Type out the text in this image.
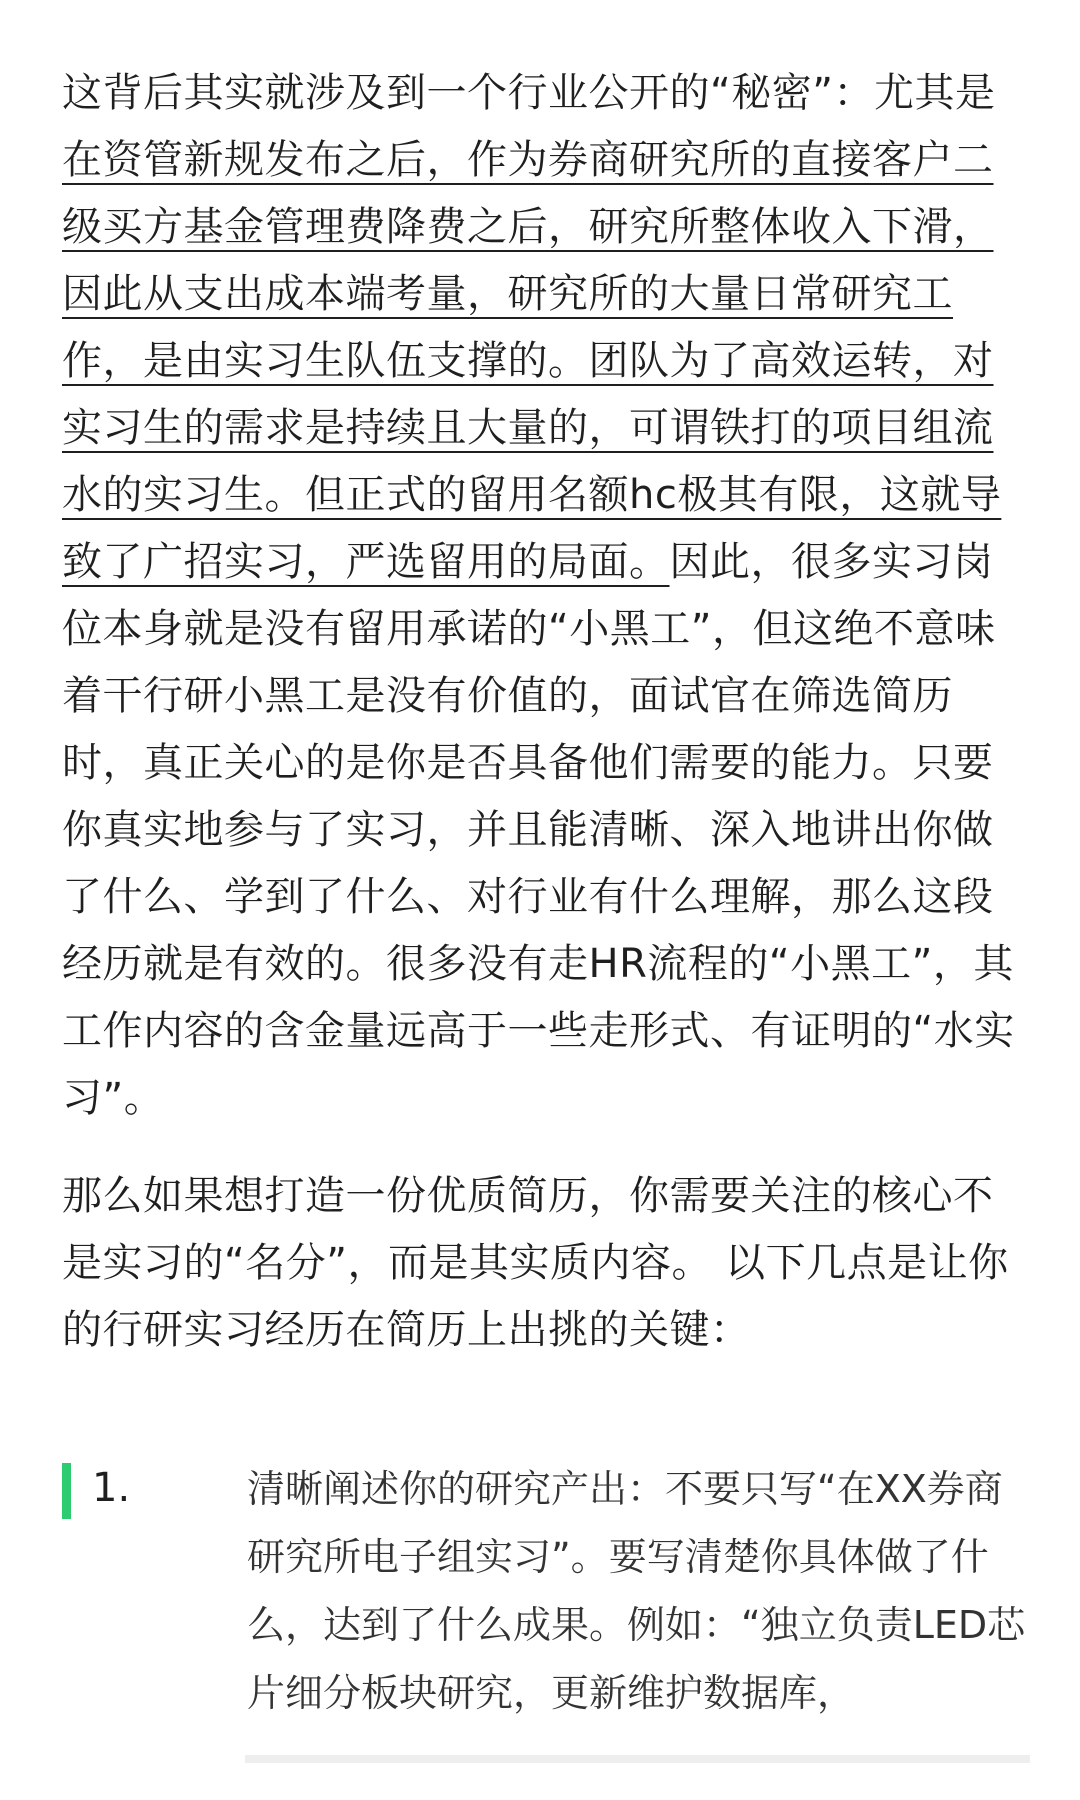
这背后其实就涉及到一个行业公开的“秘密”：尤其是在资管新规发布之后，作为券商研究所的直接客户二级买方基金管理费降费之后，研究所整体收入下滑，因此从支出成本端考量，研究所的大量日常研究工作，是由实习生队伍支撑的。团队为了高效运转，对实习生的需求是持续且大量的，可谓铁打的项目组流水的实习生。但正式的留用名额hc极其有限，这就导致了广招实习，严选留用的局面。因此，很多实习岗位本身就是没有留用承诺的“小黑工”，但这绝不意味着干行研小黑工是没有价值的，面试官在筛选简历时，真正关心的是你是否具备他们需要的能力。只要你真实地参与了实习，并且能清晰、深入地讲出你做了什么、学到了什么、对行业有什么理解，那么这段经历就是有效的。很多没有走HR流程的“小黑工”，其工作内容的含金量远高于一些走形式、有证明的“水实习”。

那么如果想打造一份优质简历，你需要关注的核心不是实习的“名分”，而是其实质内容。 以下几点是让你的行研实习经历在简历上出挑的关键：

1.	清晰阐述你的研究产出：不要只写“在XX券商研究所电子组实习”。要写清楚你具体做了什么，达到了什么成果。例如：“独立负责LED芯片细分板块研究，更新维护数据库，
